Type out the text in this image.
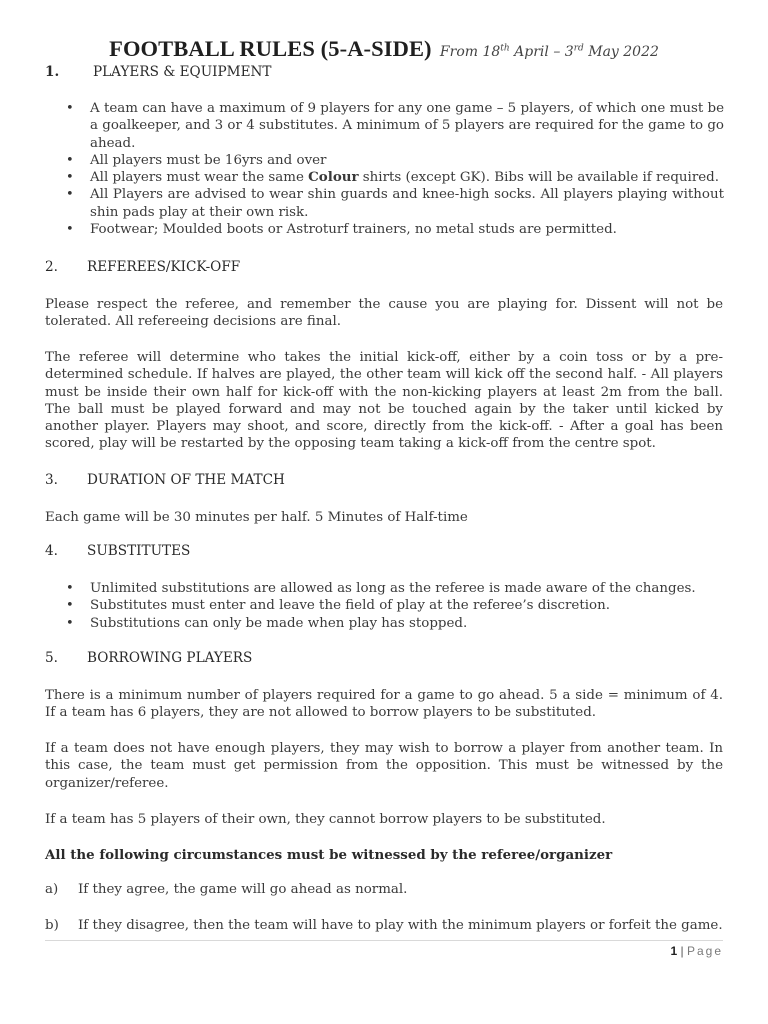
FOOTBALL RULES (5-A-SIDE) From 18th April – 3rd May 2022
1. PLAYERS & EQUIPMENT
• A team can have a maximum of 9 players for any one game – 5 players, of which one must be a goalkeeper, and 3 or 4 substitutes. A minimum of 5 players are required for the game to go ahead.
• All players must be 16yrs and over
• All players must wear the same Colour shirts (except GK). Bibs will be available if required.
• All Players are advised to wear shin guards and knee-high socks. All players playing without shin pads play at their own risk.
• Footwear; Moulded boots or Astroturf trainers, no metal studs are permitted.
2. REFEREES/KICK-OFF

Please respect the referee, and remember the cause you are playing for. Dissent will not be tolerated. All refereeing decisions are final.

The referee will determine who takes the initial kick-off, either by a coin toss or by a pre-determined schedule. If halves are played, the other team will kick off the second half. - All players must be inside their own half for kick-off with the non-kicking players at least 2m from the ball. The ball must be played forward and may not be touched again by the taker until kicked by another player. Players may shoot, and score, directly from the kick-off. - After a goal has been scored, play will be restarted by the opposing team taking a kick-off from the centre spot.

3. DURATION OF THE MATCH

Each game will be 30 minutes per half. 5 Minutes of Half-time

4. SUBSTITUTES
• Unlimited substitutions are allowed as long as the referee is made aware of the changes.
• Substitutes must enter and leave the field of play at the referee’s discretion.
• Substitutions can only be made when play has stopped.
5. BORROWING PLAYERS

There is a minimum number of players required for a game to go ahead. 5 a side = minimum of 4. If a team has 6 players, they are not allowed to borrow players to be substituted.

If a team does not have enough players, they may wish to borrow a player from another team. In this case, the team must get permission from the opposition. This must be witnessed by the organizer/referee.

If a team has 5 players of their own, they cannot borrow players to be substituted.

All the following circumstances must be witnessed by the referee/organizer

a) If they agree, the game will go ahead as normal.
b) If they disagree, then the team will have to play with the minimum players or forfeit the game.
1 | Page
